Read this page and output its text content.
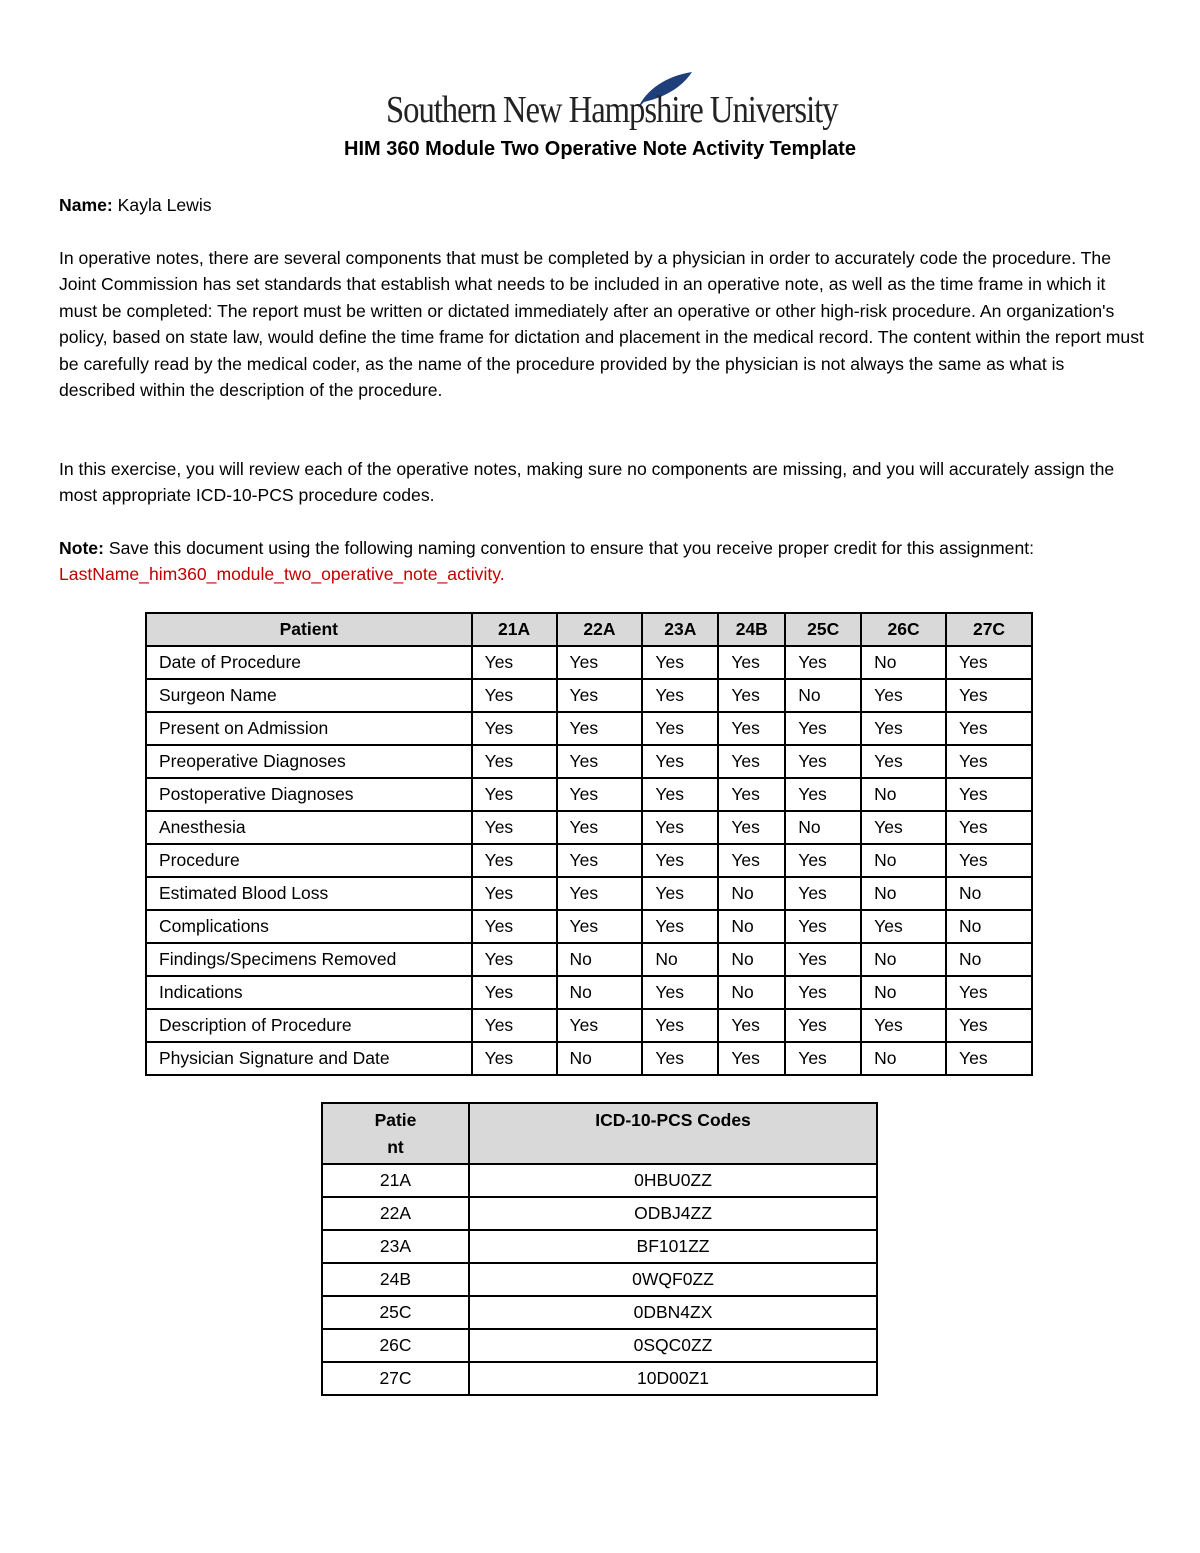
Southern New Hampshire University
HIM 360 Module Two Operative Note Activity Template
Name: Kayla Lewis
In operative notes, there are several components that must be completed by a physician in order to accurately code the procedure. The Joint Commission has set standards that establish what needs to be included in an operative note, as well as the time frame in which it must be completed: The report must be written or dictated immediately after an operative or other high-risk procedure. An organization's policy, based on state law, would define the time frame for dictation and placement in the medical record. The content within the report must be carefully read by the medical coder, as the name of the procedure provided by the physician is not always the same as what is described within the description of the procedure.
In this exercise, you will review each of the operative notes, making sure no components are missing, and you will accurately assign the most appropriate ICD-10-PCS procedure codes.
Note: Save this document using the following naming convention to ensure that you receive proper credit for this assignment: LastName_him360_module_two_operative_note_activity.
Patient	21A	22A	23A	24B	25C	26C	27C
Date of Procedure	Yes	Yes	Yes	Yes	Yes	No	Yes
Surgeon Name	Yes	Yes	Yes	Yes	No	Yes	Yes
Present on Admission	Yes	Yes	Yes	Yes	Yes	Yes	Yes
Preoperative Diagnoses	Yes	Yes	Yes	Yes	Yes	Yes	Yes
Postoperative Diagnoses	Yes	Yes	Yes	Yes	Yes	No	Yes
Anesthesia	Yes	Yes	Yes	Yes	No	Yes	Yes
Procedure	Yes	Yes	Yes	Yes	Yes	No	Yes
Estimated Blood Loss	Yes	Yes	Yes	No	Yes	No	No
Complications	Yes	Yes	Yes	No	Yes	Yes	No
Findings/Specimens Removed	Yes	No	No	No	Yes	No	No
Indications	Yes	No	Yes	No	Yes	No	Yes
Description of Procedure	Yes	Yes	Yes	Yes	Yes	Yes	Yes
Physician Signature and Date	Yes	No	Yes	Yes	Yes	No	Yes
Patie nt	ICD-10-PCS Codes
21A	0HBU0ZZ
22A	ODBJ4ZZ
23A	BF101ZZ
24B	0WQF0ZZ
25C	0DBN4ZX
26C	0SQC0ZZ
27C	10D00Z1
